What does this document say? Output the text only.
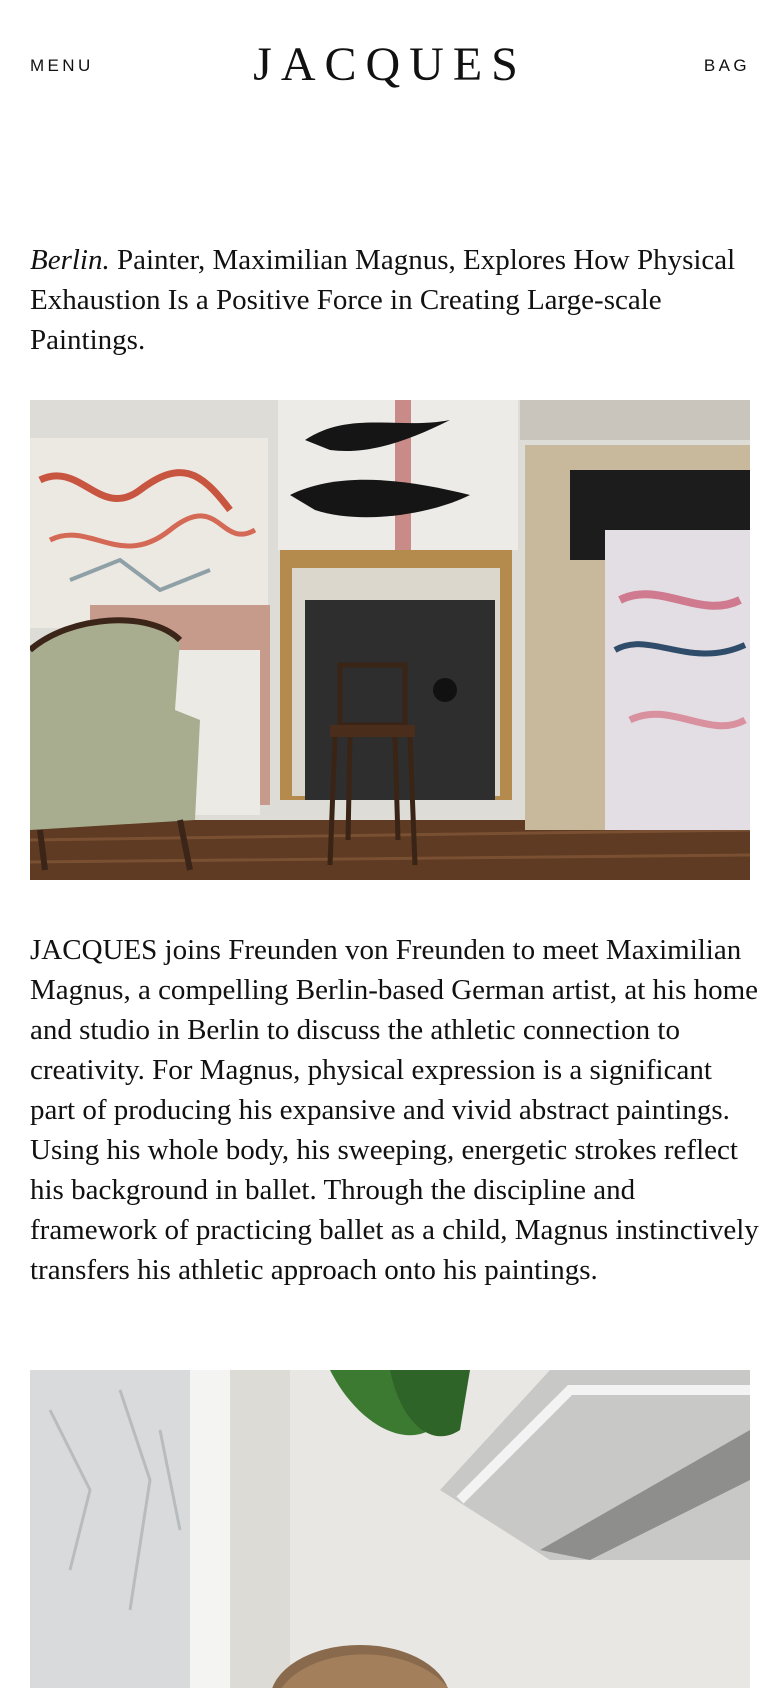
MENU	JACQUES	BAG
Berlin. Painter, Maximilian Magnus, Explores How Physical Exhaustion Is a Positive Force in Creating Large-scale Paintings.

JACQUES joins Freunden von Freunden to meet Maximilian Magnus, a compelling Berlin-based German artist, at his home and studio in Berlin to discuss the athletic connection to creativity. For Magnus, physical expression is a significant part of producing his expansive and vivid abstract paintings. Using his whole body, his sweeping, energetic strokes reflect his background in ballet. Through the discipline and framework of practicing ballet as a child, Magnus instinctively transfers his athletic approach onto his paintings.
